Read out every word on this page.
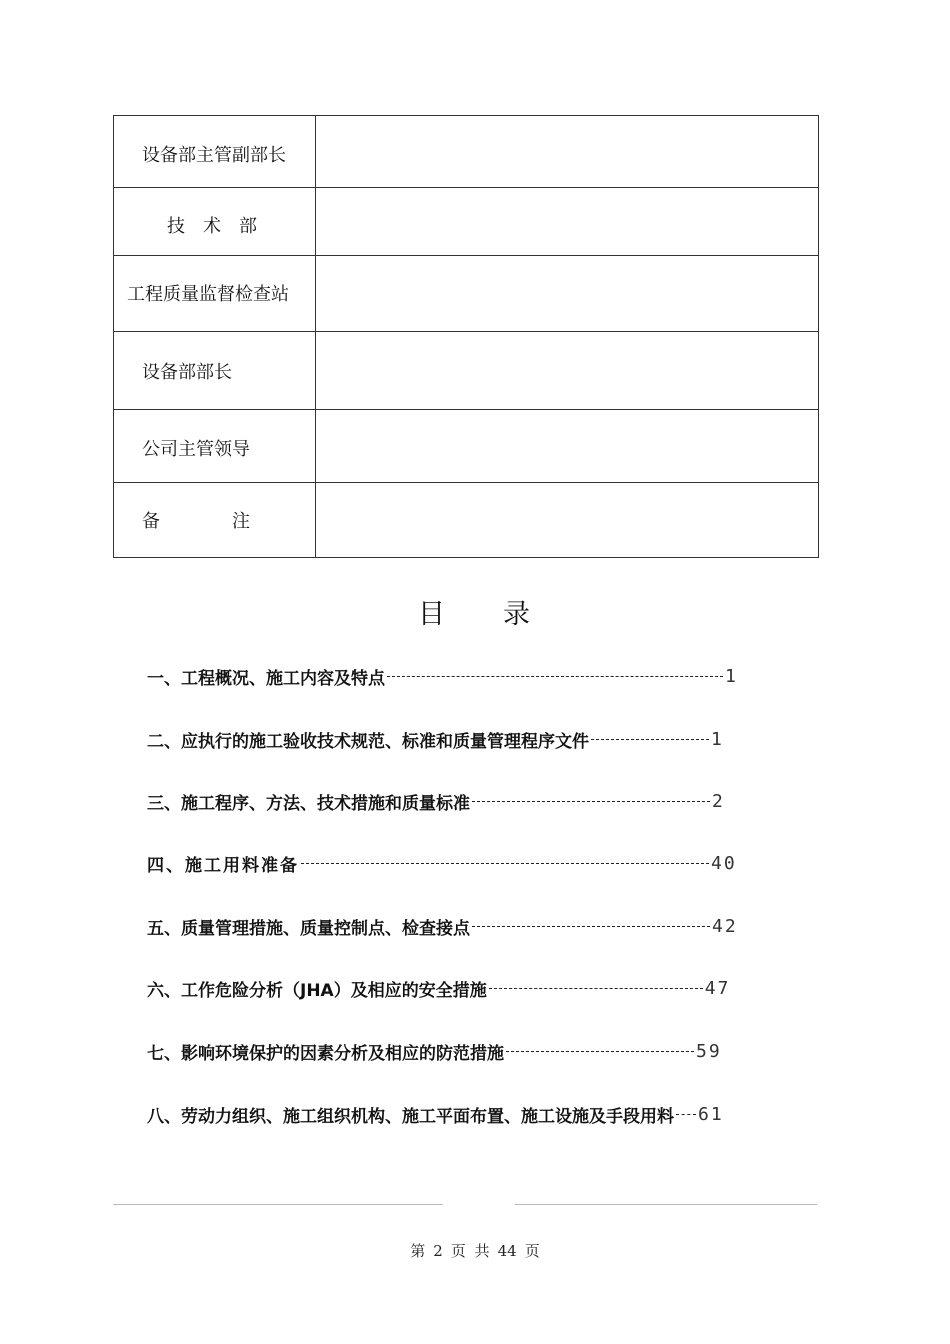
设备部主管副部长	

技　术　部	

工程质量监督检查站	

设备部部长	

公司主管领导	

备　　　　注	

目 录
一、工程概况、施工内容及特点	1
二、应执行的施工验收技术规范、标准和质量管理程序文件	1
三、施工程序、方法、技术措施和质量标准	2
四、施工用料准备	40
五、质量管理措施、质量控制点、检查接点	42
六、工作危险分析（JHA）及相应的安全措施	47
七、影响环境保护的因素分析及相应的防范措施	59
八、劳动力组织、施工组织机构、施工平面布置、施工设施及手段用料 61
第 2 页 共 44 页
